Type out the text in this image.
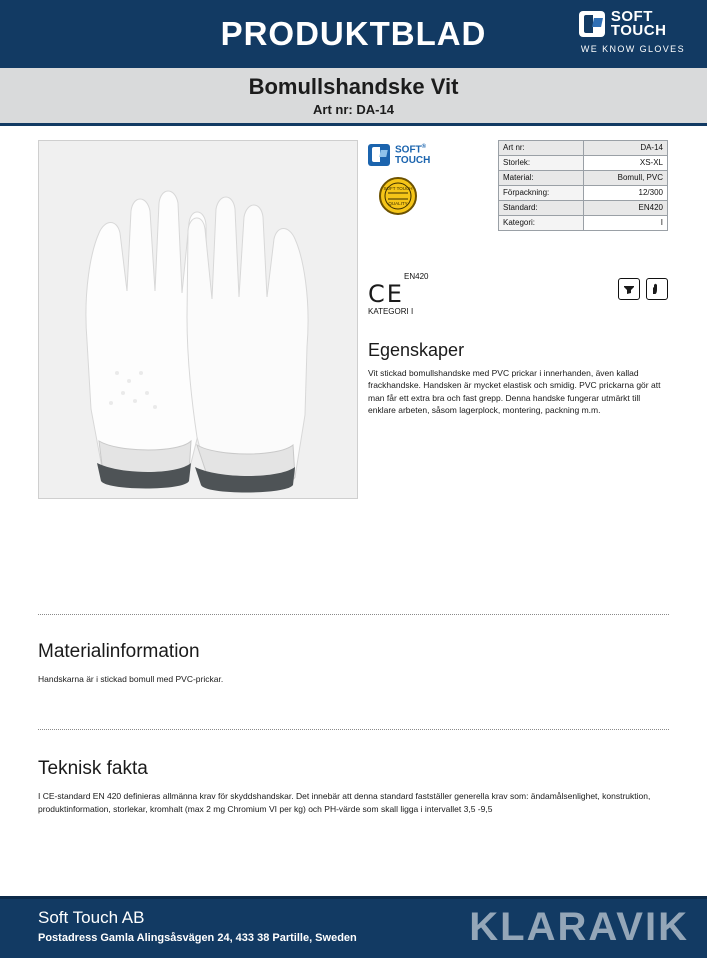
PRODUKTBLAD	SOFT
TOUCH
WE KNOW GLOVES
Bomullshandske Vit
Art nr: DA-14
SOFT®
TOUCH
SOFT TOUCH
QUALITY
Art nr:	DA-14
Storlek:	XS-XL
Material:	Bomull, PVC
Förpackning:	12/300
Standard:	EN420
Kategori:	I
EN420
CE
KATEGORI I
Egenskaper

Vit stickad bomullshandske med PVC prickar i innerhanden, även kallad frackhandske. Handsken är mycket elastisk och smidig. PVC prickarna gör att man får ett extra bra och fast grepp. Denna handske fungerar utmärkt till enklare arbeten, såsom lagerplock, montering, packning m.m.

Materialinformation

Handskarna är i stickad bomull med PVC-prickar.

Teknisk fakta

I CE-standard EN 420 definieras allmänna krav för skyddshandskar. Det innebär att denna standard fastställer generella krav som: ändamålsenlighet, konstruktion, produktinformation, storlekar, kromhalt (max 2 mg Chromium VI per kg) och PH-värde som skall ligga i intervallet 3,5 -9,5

KLARAVIK
Soft Touch AB
Postadress Gamla Alingsåsvägen 24, 433 38 Partille, Sweden
